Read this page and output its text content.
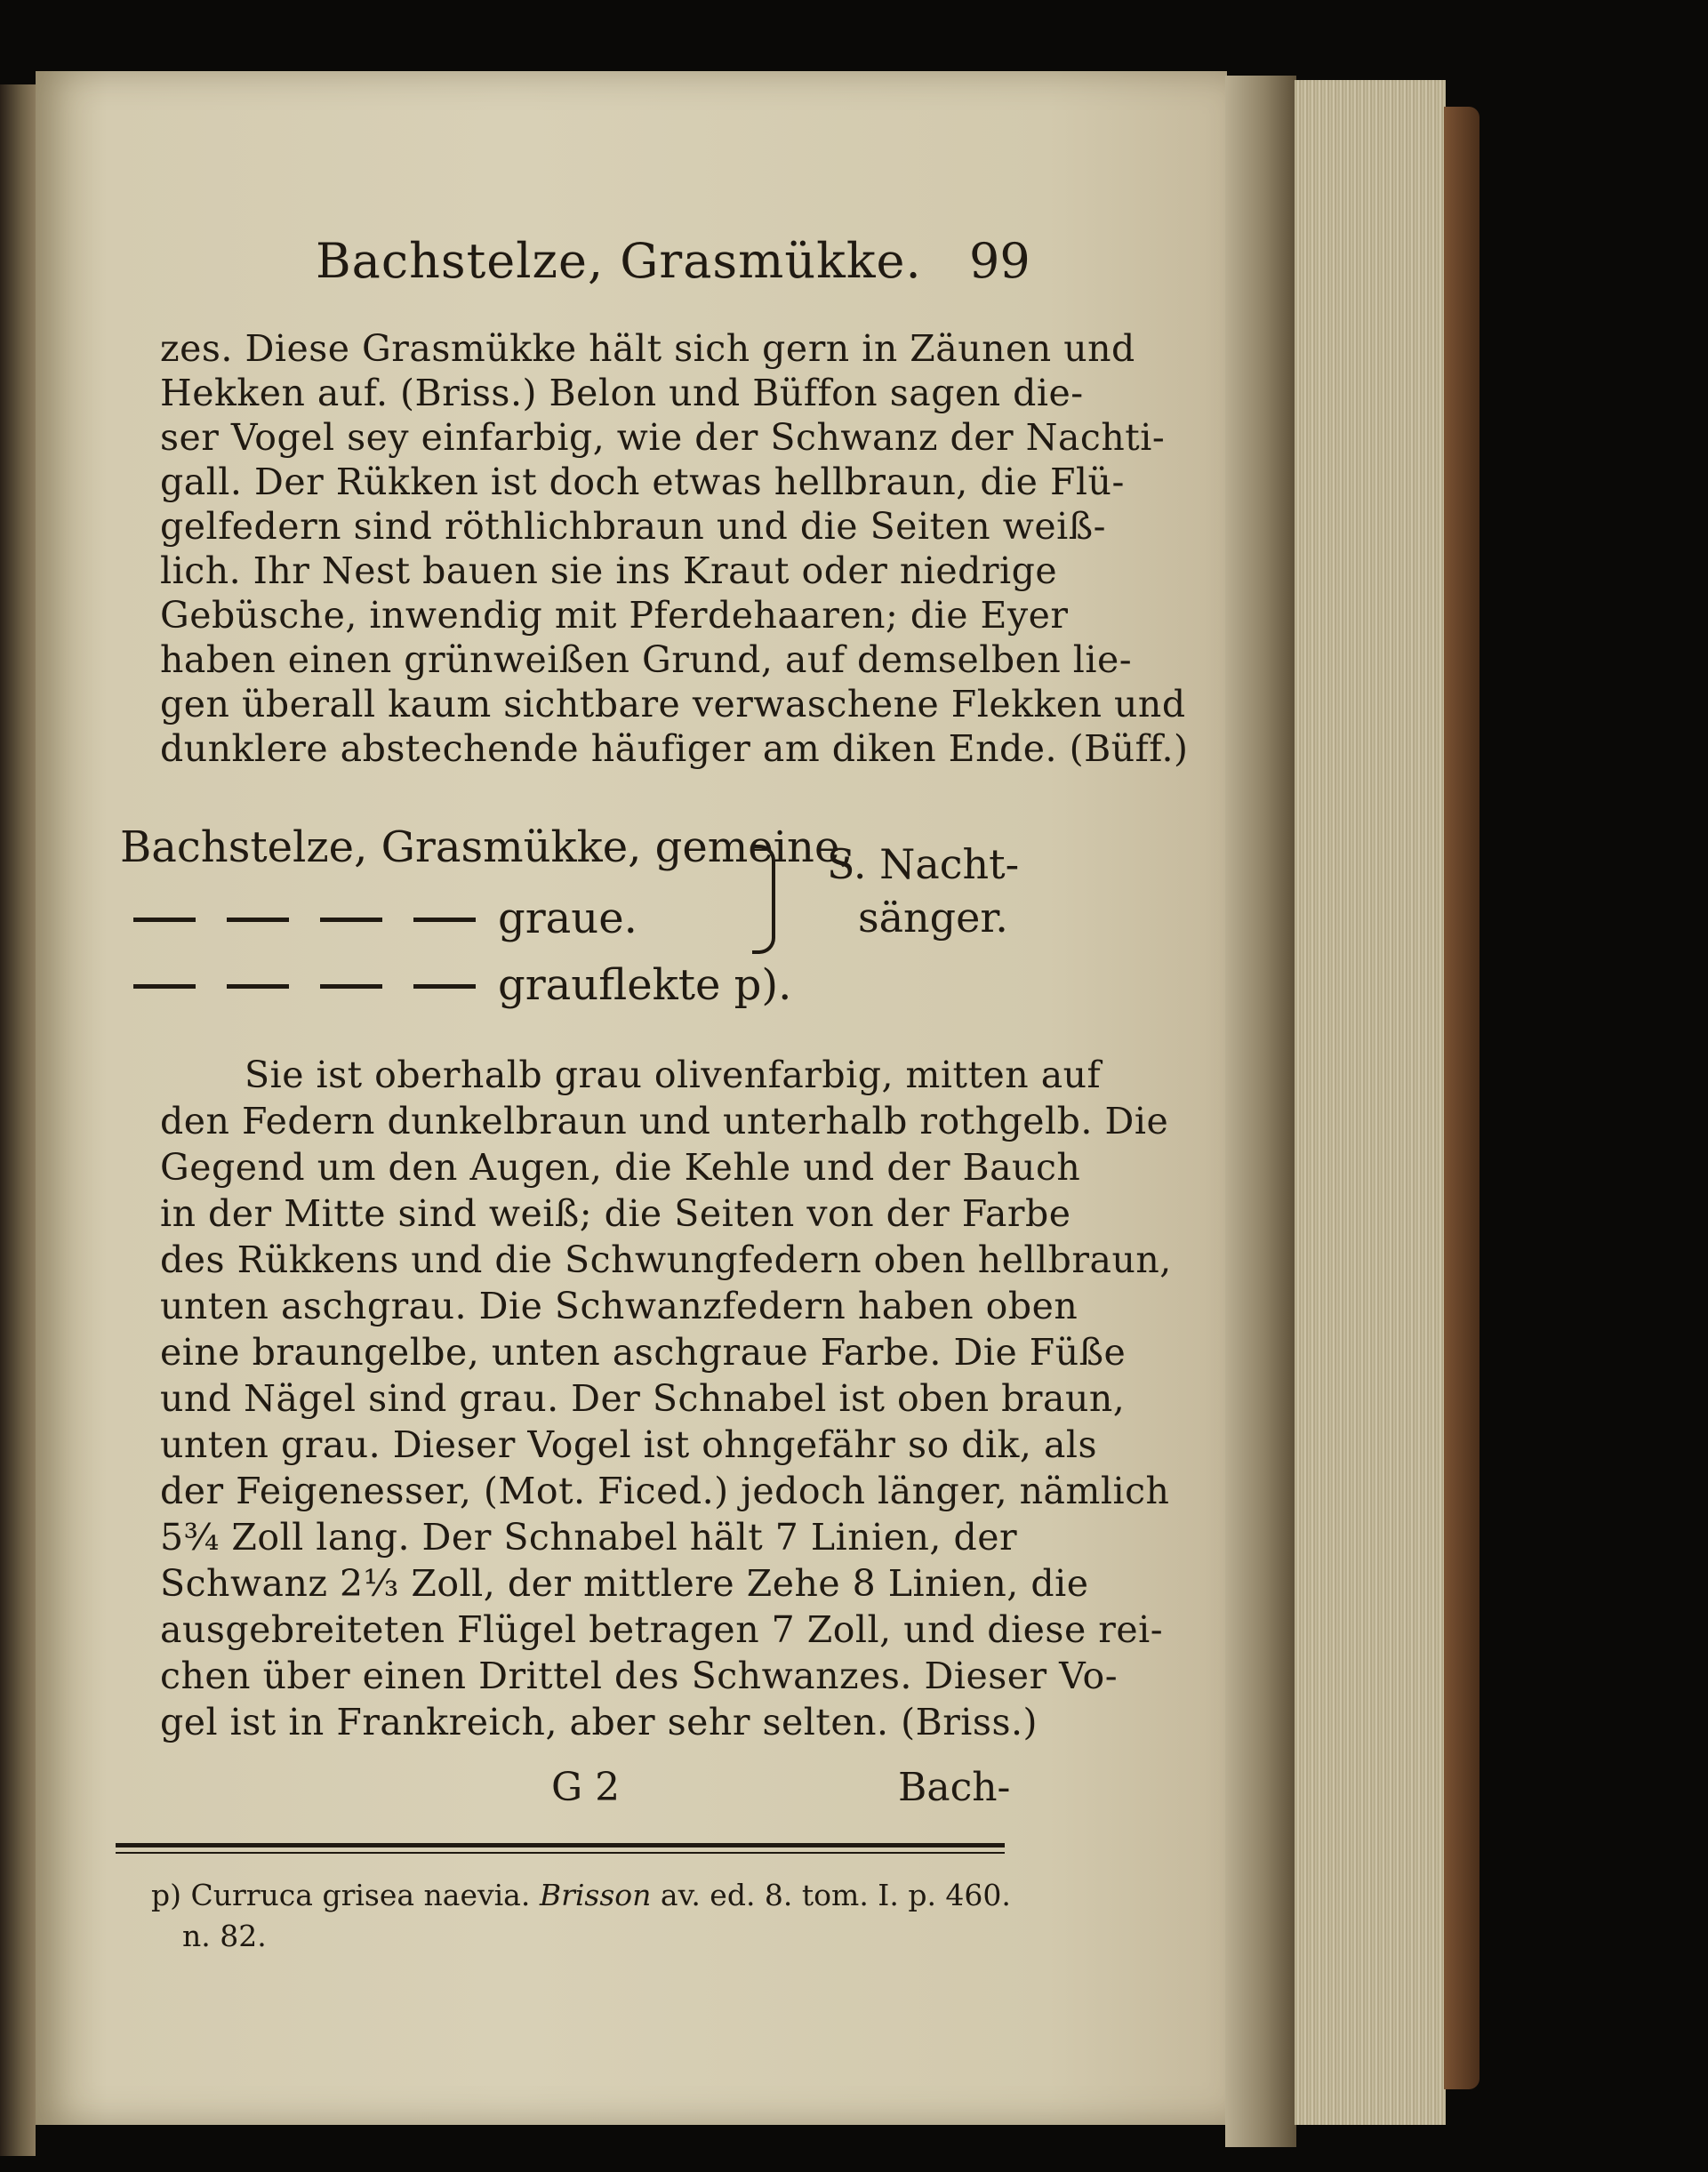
Bachstelze, Grasmükke. 99
zes. Diese Grasmükke hält sich gern in Zäunen und
Hekken auf. (Briss.) Belon und Büffon sagen die-
ser Vogel sey einfarbig, wie der Schwanz der Nachti-
gall. Der Rükken ist doch etwas hellbraun, die Flü-
gelfedern sind röthlichbraun und die Seiten weiß-
lich. Ihr Nest bauen sie ins Kraut oder niedrige
Gebüsche, inwendig mit Pferdehaaren; die Eyer
haben einen grünweißen Grund, auf demselben lie-
gen überall kaum sichtbare verwaschene Flekken und
dunklere abstechende häufiger am diken Ende. (Büff.)
Bachstelze, Grasmükke, gemeine,
graue.
S. Nacht-
sänger.
grauflekte p).
Sie ist oberhalb grau olivenfarbig, mitten auf
den Federn dunkelbraun und unterhalb rothgelb. Die
Gegend um den Augen, die Kehle und der Bauch
in der Mitte sind weiß; die Seiten von der Farbe
des Rükkens und die Schwungfedern oben hellbraun,
unten aschgrau. Die Schwanzfedern haben oben
eine braungelbe, unten aschgraue Farbe. Die Füße
und Nägel sind grau. Der Schnabel ist oben braun,
unten grau. Dieser Vogel ist ohngefähr so dik, als
der Feigenesser, (Mot. Ficed.) jedoch länger, nämlich
5¾ Zoll lang. Der Schnabel hält 7 Linien, der
Schwanz 2⅓ Zoll, der mittlere Zehe 8 Linien, die
ausgebreiteten Flügel betragen 7 Zoll, und diese rei-
chen über einen Drittel des Schwanzes. Dieser Vo-
gel ist in Frankreich, aber sehr selten. (Briss.)
G 2	Bach-
p) Curruca grisea naevia. Brisson av. ed. 8. tom. I. p. 460.
n. 82.
